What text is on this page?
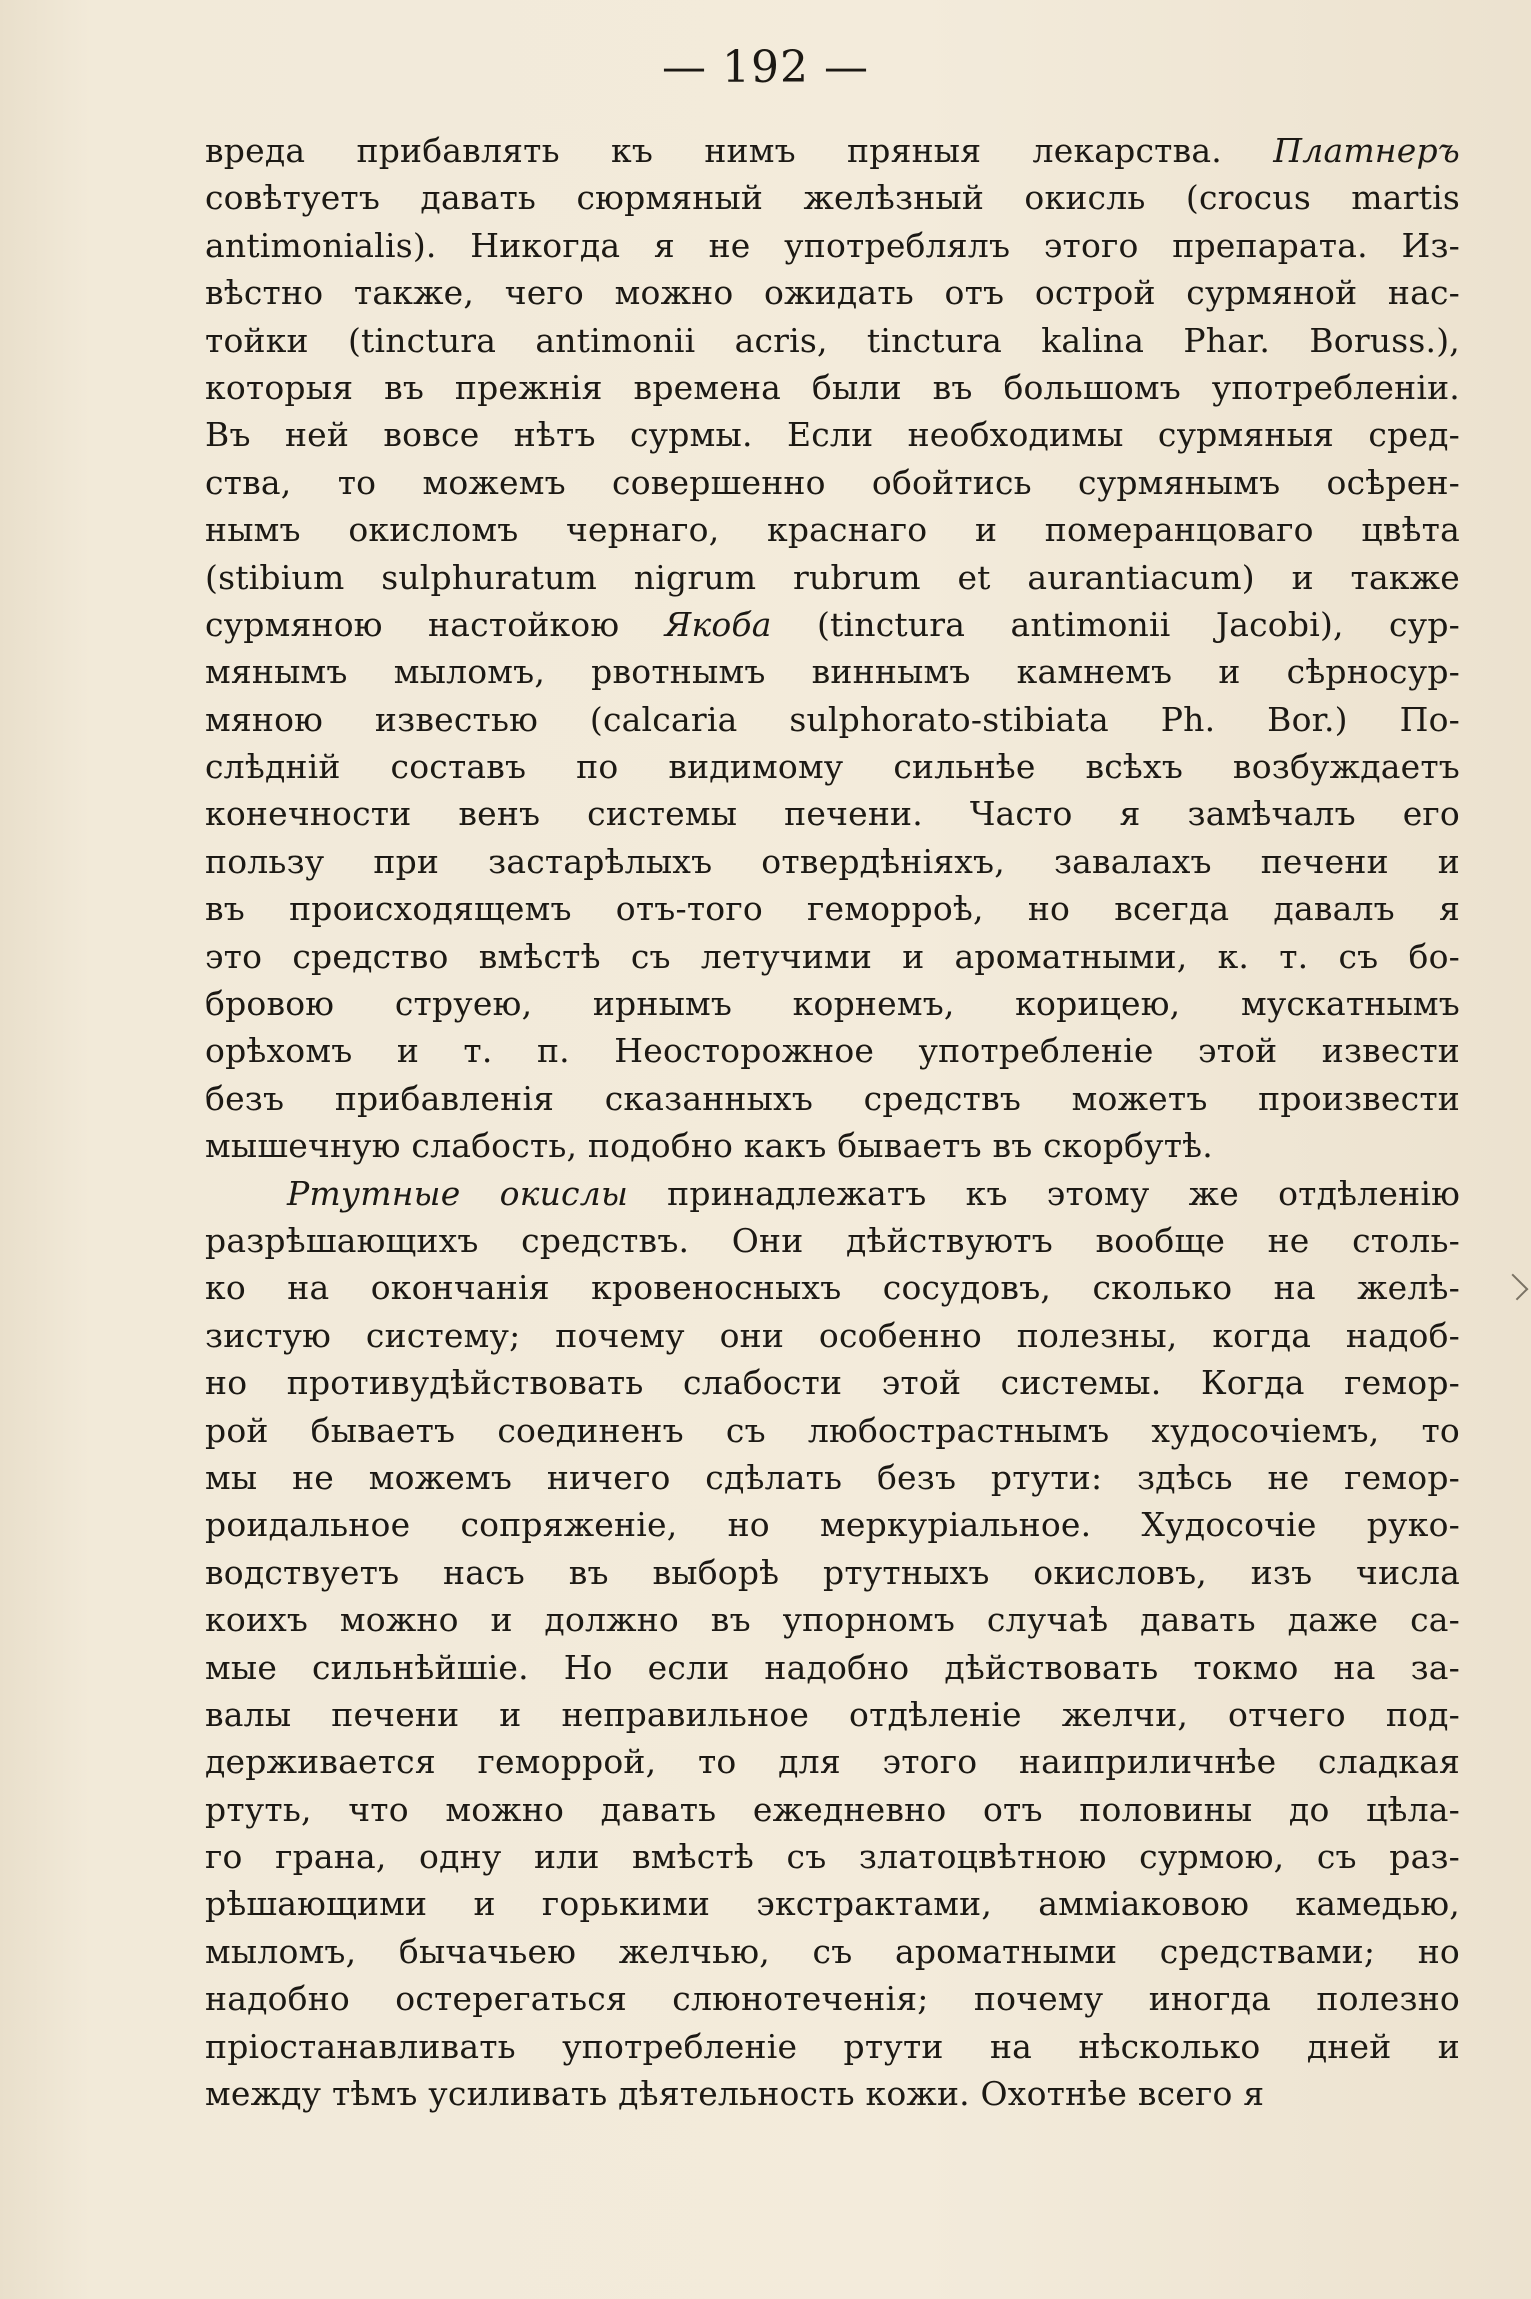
— 192 —
вреда прибавлять къ нимъ пряныя лекарства. Платнеръ
совѣтуетъ давать сюрмяный желѣзный окисль (crocus martis
antimonialis). Никогда я не употреблялъ этого препарата. Из-
вѣстно также, чего можно ожидать отъ острой сурмяной нас-
тойки (tinctura antimonii acris, tinctura kalina Phar. Boruss.),
которыя въ прежнія времена были въ большомъ употребленіи.
Въ ней вовсе нѣтъ сурмы. Если необходимы сурмяныя сред-
ства, то можемъ совершенно обойтись сурмянымъ осѣрен-
нымъ окисломъ чернаго, краснаго и померанцоваго цвѣта
(stibium sulphuratum nigrum rubrum et aurantiacum) и также
сурмяною настойкою Якоба (tinctura antimonii Jacobi), сур-
мянымъ мыломъ, рвотнымъ виннымъ камнемъ и сѣрносур-
мяною известью (calcaria sulphorato-stibiata Ph. Bor.) По-
слѣдній составъ по видимому сильнѣе всѣхъ возбуждаетъ
конечности венъ системы печени. Часто я замѣчалъ его
пользу при застарѣлыхъ отвердѣніяхъ, завалахъ печени и
въ происходящемъ отъ-того геморроѣ, но всегда давалъ я
это средство вмѣстѣ съ летучими и ароматными, к. т. съ бо-
бровою струею, ирнымъ корнемъ, корицею, мускатнымъ
орѣхомъ и т. п. Неосторожное употребленіе этой извести
безъ прибавленія сказанныхъ средствъ можетъ произвести
мышечную слабость, подобно какъ бываетъ въ скорбутѣ.
Ртутные окислы принадлежатъ къ этому же отдѣленію
разрѣшающихъ средствъ. Они дѣйствуютъ вообще не столь-
ко на окончанія кровеносныхъ сосудовъ, сколько на желѣ-
зистую систему; почему они особенно полезны, когда надоб-
но противудѣйствовать слабости этой системы. Когда гемор-
рой бываетъ соединенъ съ любострастнымъ худосочіемъ, то
мы не можемъ ничего сдѣлать безъ ртути: здѣсь не гемор-
роидальное сопряженіе, но меркуріальное. Худосочіе руко-
водствуетъ насъ въ выборѣ ртутныхъ окисловъ, изъ числа
коихъ можно и должно въ упорномъ случаѣ давать даже са-
мые сильнѣйшіе. Но если надобно дѣйствовать токмо на за-
валы печени и неправильное отдѣленіе желчи, отчего под-
держивается геморрой, то для этого наиприличнѣе сладкая
ртуть, что можно давать ежедневно отъ половины до цѣла-
го грана, одну или вмѣстѣ съ златоцвѣтною сурмою, съ раз-
рѣшающими и горькими экстрактами, амміаковою камедью,
мыломъ, бычачьею желчью, съ ароматными средствами; но
надобно остерегаться слюнотеченія; почему иногда полезно
пріостанавливать употребленіе ртути на нѣсколько дней и
между тѣмъ усиливать дѣятельность кожи. Охотнѣе всего я
